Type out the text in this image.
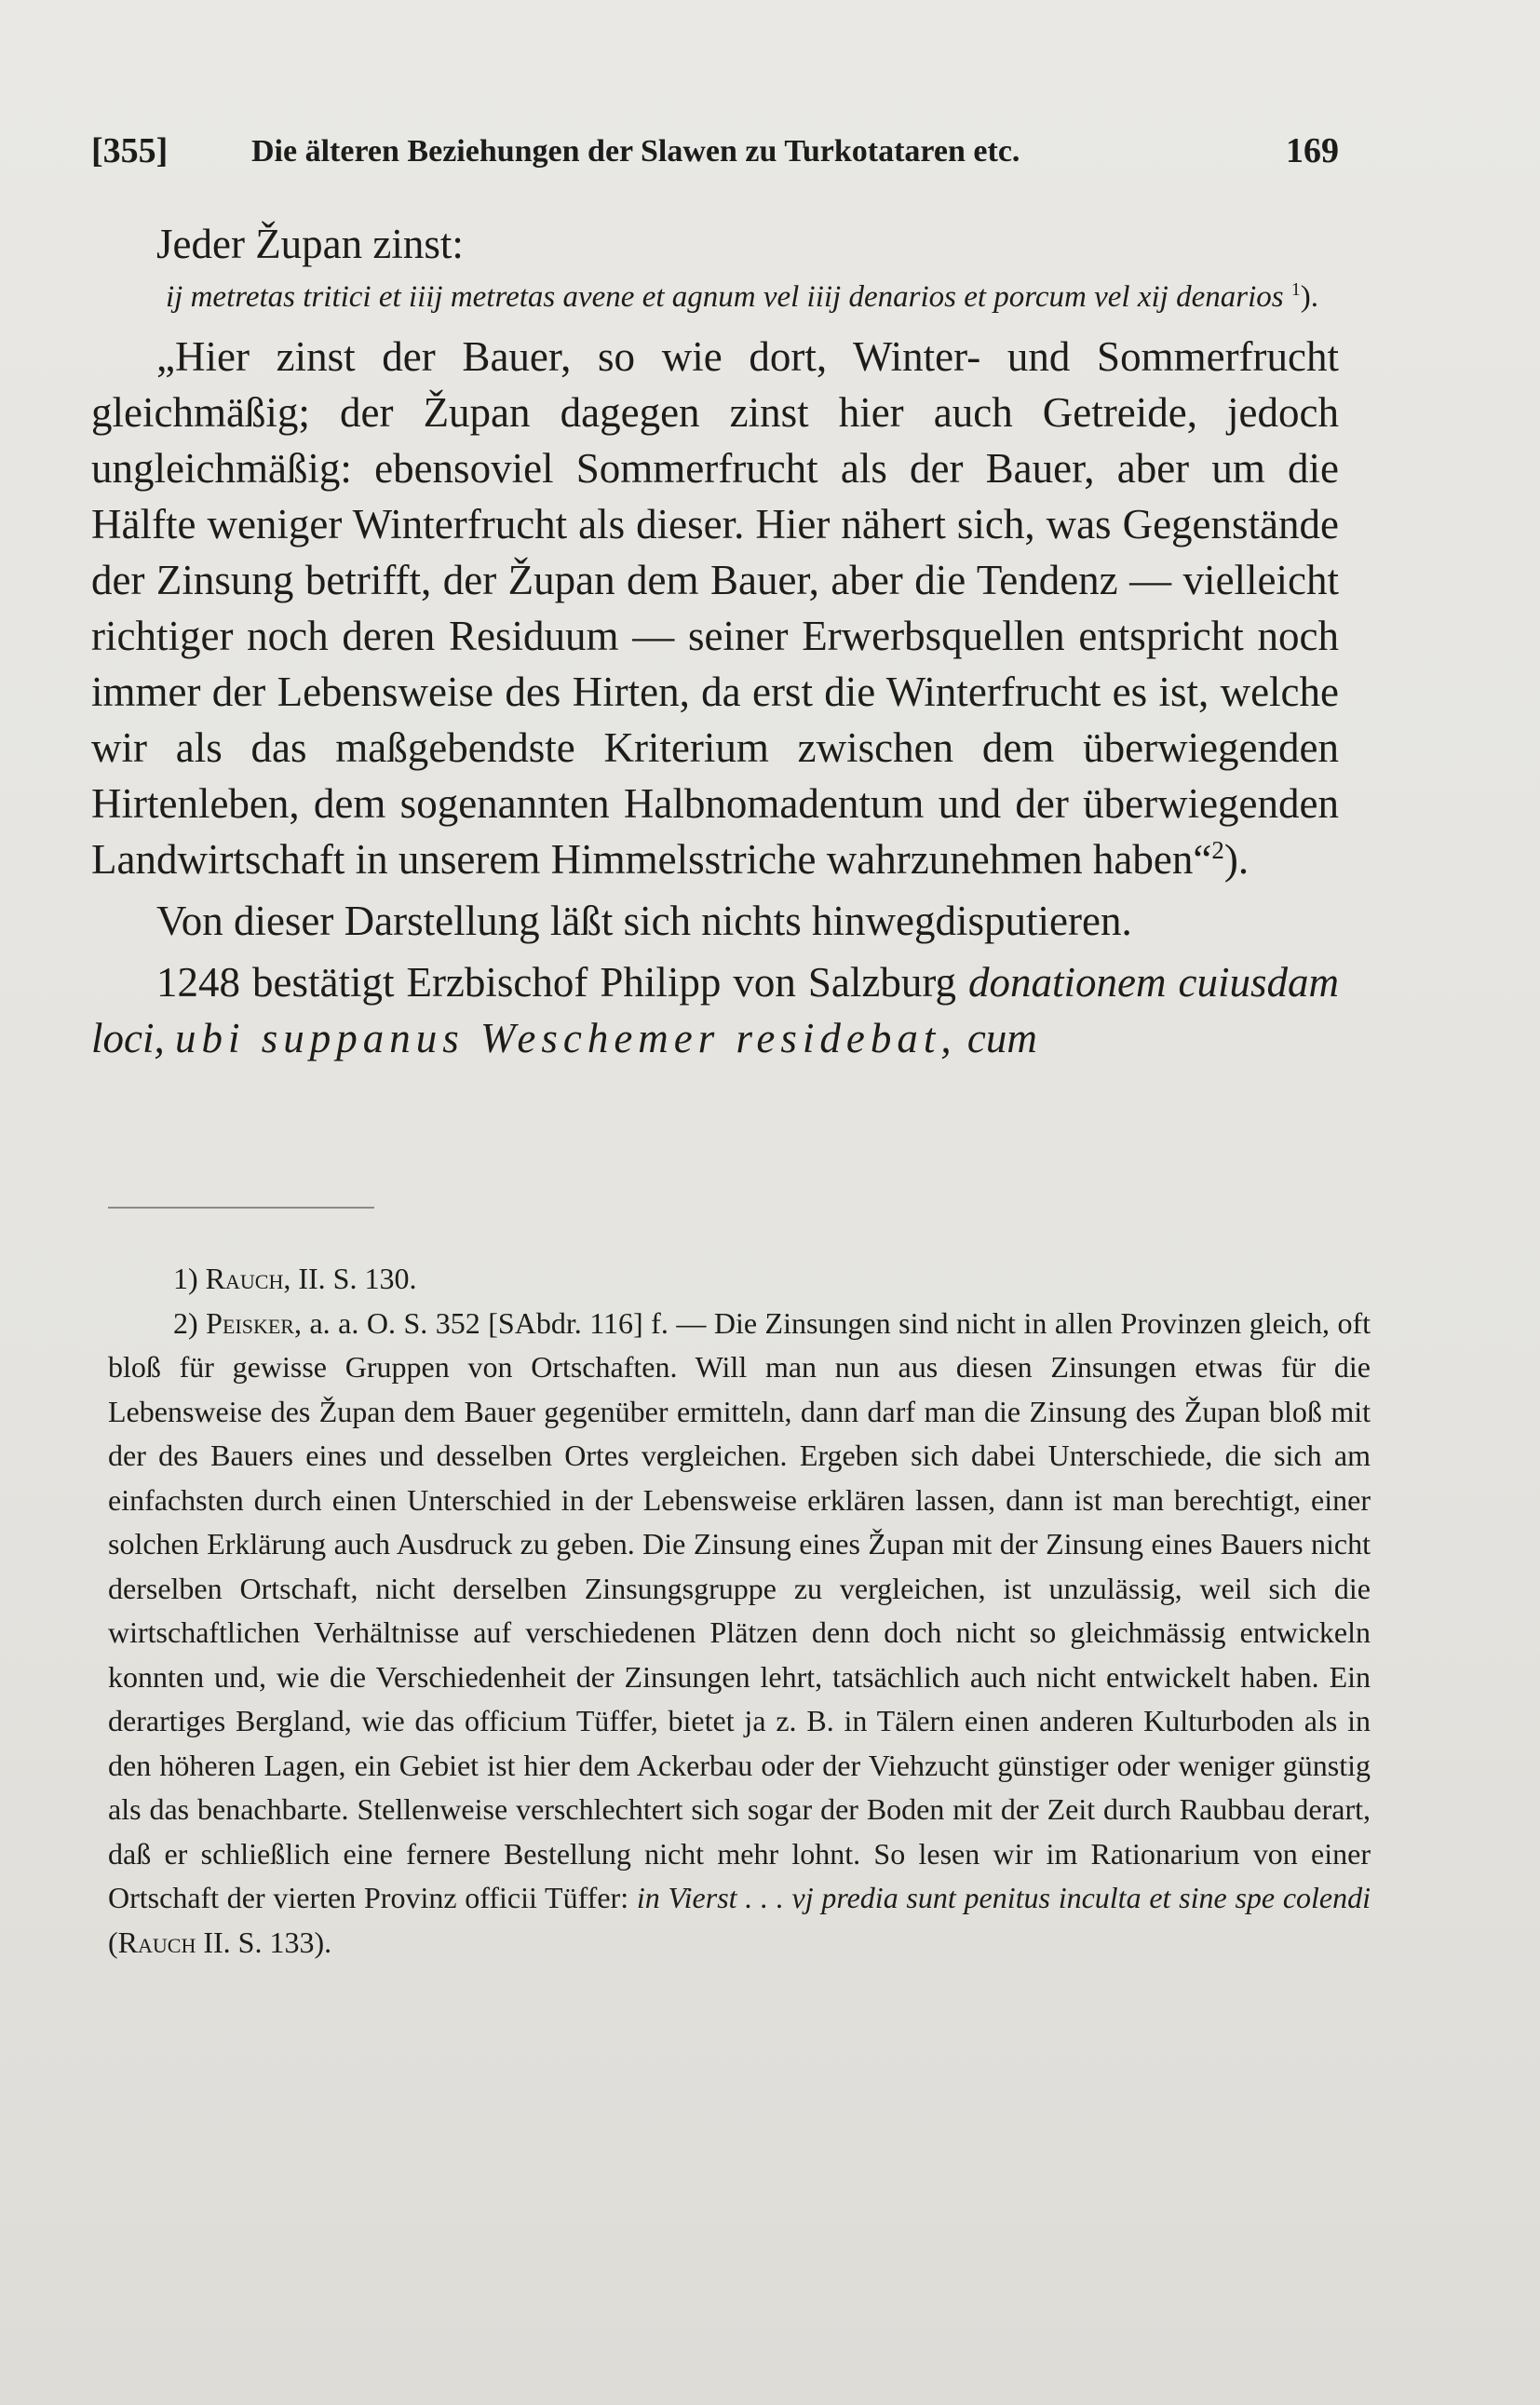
[355]	Die älteren Beziehungen der Slawen zu Turkotataren etc.	169

Jeder Župan zinst:

ij metretas tritici et iiij metretas avene et agnum vel iiij denarios et porcum vel xij denarios $^1$).

„Hier zinst der Bauer, so wie dort, Winter- und Sommerfrucht gleichmäßig; der Župan dagegen zinst hier auch Getreide, jedoch ungleichmäßig: ebensoviel Sommerfrucht als der Bauer, aber um die Hälfte weniger Winterfrucht als dieser. Hier nähert sich, was Gegenstände der Zinsung betrifft, der Župan dem Bauer, aber die Tendenz — vielleicht richtiger noch deren Residuum — seiner Erwerbsquellen entspricht noch immer der Lebensweise des Hirten, da erst die Winterfrucht es ist, welche wir als das maßgebendste Kriterium zwischen dem überwiegenden Hirtenleben, dem sogenannten Halbnomadentum und der überwiegenden Landwirtschaft in unserem Himmelsstriche wahrzunehmen haben“$^2$).

Von dieser Darstellung läßt sich nichts hinwegdisputieren.

1248 bestätigt Erzbischof Philipp von Salzburg donationem cuiusdam loci, ubi suppanus Weschemer residebat, cum

1) Rauch, II. S. 130.

2) Peisker, a. a. O. S. 352 [SAbdr. 116] f. — Die Zinsungen sind nicht in allen Provinzen gleich, oft bloß für gewisse Gruppen von Ortschaften. Will man nun aus diesen Zinsungen etwas für die Lebensweise des Župan dem Bauer gegenüber ermitteln, dann darf man die Zinsung des Župan bloß mit der des Bauers eines und desselben Ortes vergleichen. Ergeben sich dabei Unterschiede, die sich am einfachsten durch einen Unterschied in der Lebensweise erklären lassen, dann ist man berechtigt, einer solchen Erklärung auch Ausdruck zu geben. Die Zinsung eines Župan mit der Zinsung eines Bauers nicht derselben Ortschaft, nicht derselben Zinsungsgruppe zu vergleichen, ist unzulässig, weil sich die wirtschaftlichen Verhältnisse auf verschiedenen Plätzen denn doch nicht so gleichmässig entwickeln konnten und, wie die Verschiedenheit der Zinsungen lehrt, tatsächlich auch nicht entwickelt haben. Ein derartiges Bergland, wie das officium Tüffer, bietet ja z. B. in Tälern einen anderen Kulturboden als in den höheren Lagen, ein Gebiet ist hier dem Ackerbau oder der Viehzucht günstiger oder weniger günstig als das benachbarte. Stellenweise verschlechtert sich sogar der Boden mit der Zeit durch Raubbau derart, daß er schließlich eine fernere Bestellung nicht mehr lohnt. So lesen wir im Rationarium von einer Ortschaft der vierten Provinz officii Tüffer: in Vierst . . . vj predia sunt penitus inculta et sine spe colendi (Rauch II. S. 133).
